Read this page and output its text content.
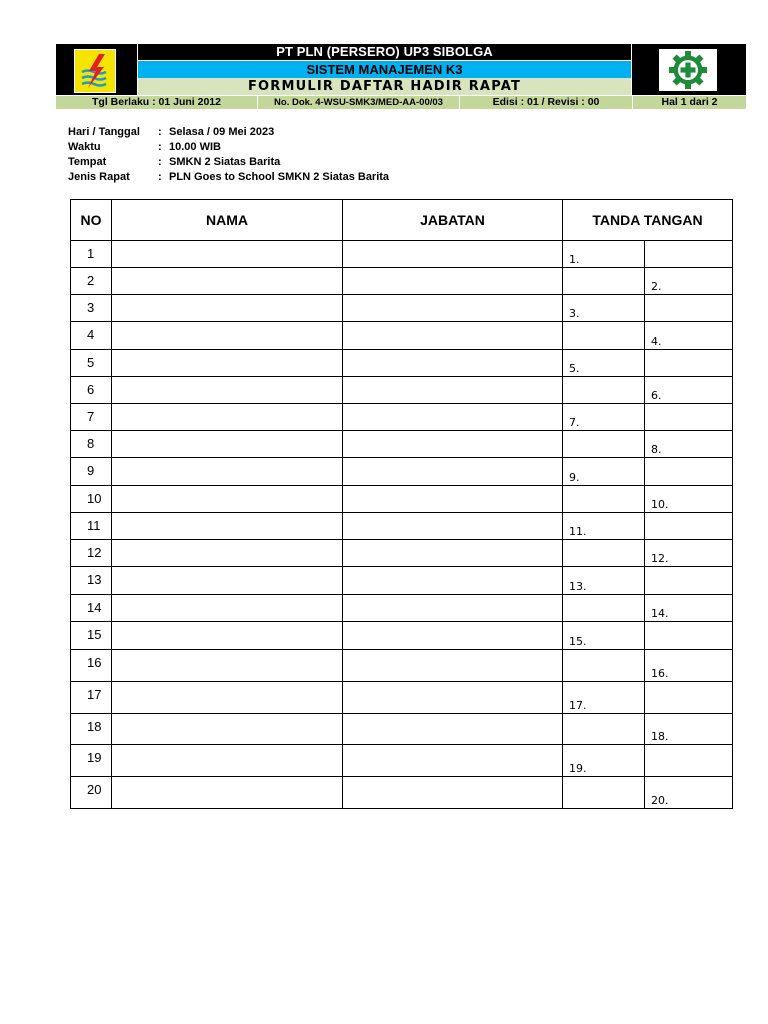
PT PLN (PERSERO) UP3 SIBOLGA
SISTEM MANAJEMEN K3
FORMULIR DAFTAR HADIR RAPAT
Tgl Berlaku : 01 Juni 2012	No. Dok. 4-WSU-SMK3/MED-AA-00/03	Edisi : 01 / Revisi : 00	Hal 1 dari 2
Hari / Tanggal : Selasa / 09 Mei 2023
Waktu	: 10.00 WIB
Tempat	: SMKN 2 Siatas Barita
Jenis Rapat	: PLN Goes to School SMKN 2 Siatas Barita
NO	NAMA	JABATAN	TANDA TANGAN	

1			1.	

2				2.

3			3.	

4				4.

5			5.	

6				6.

7			7.	

8				8.

9			9.	

10				10.

11			11.	

12				12.

13			13.	

14				14.

15			15.	

16				16.

17			17.	

18				18.

19			19.	

20				20.
